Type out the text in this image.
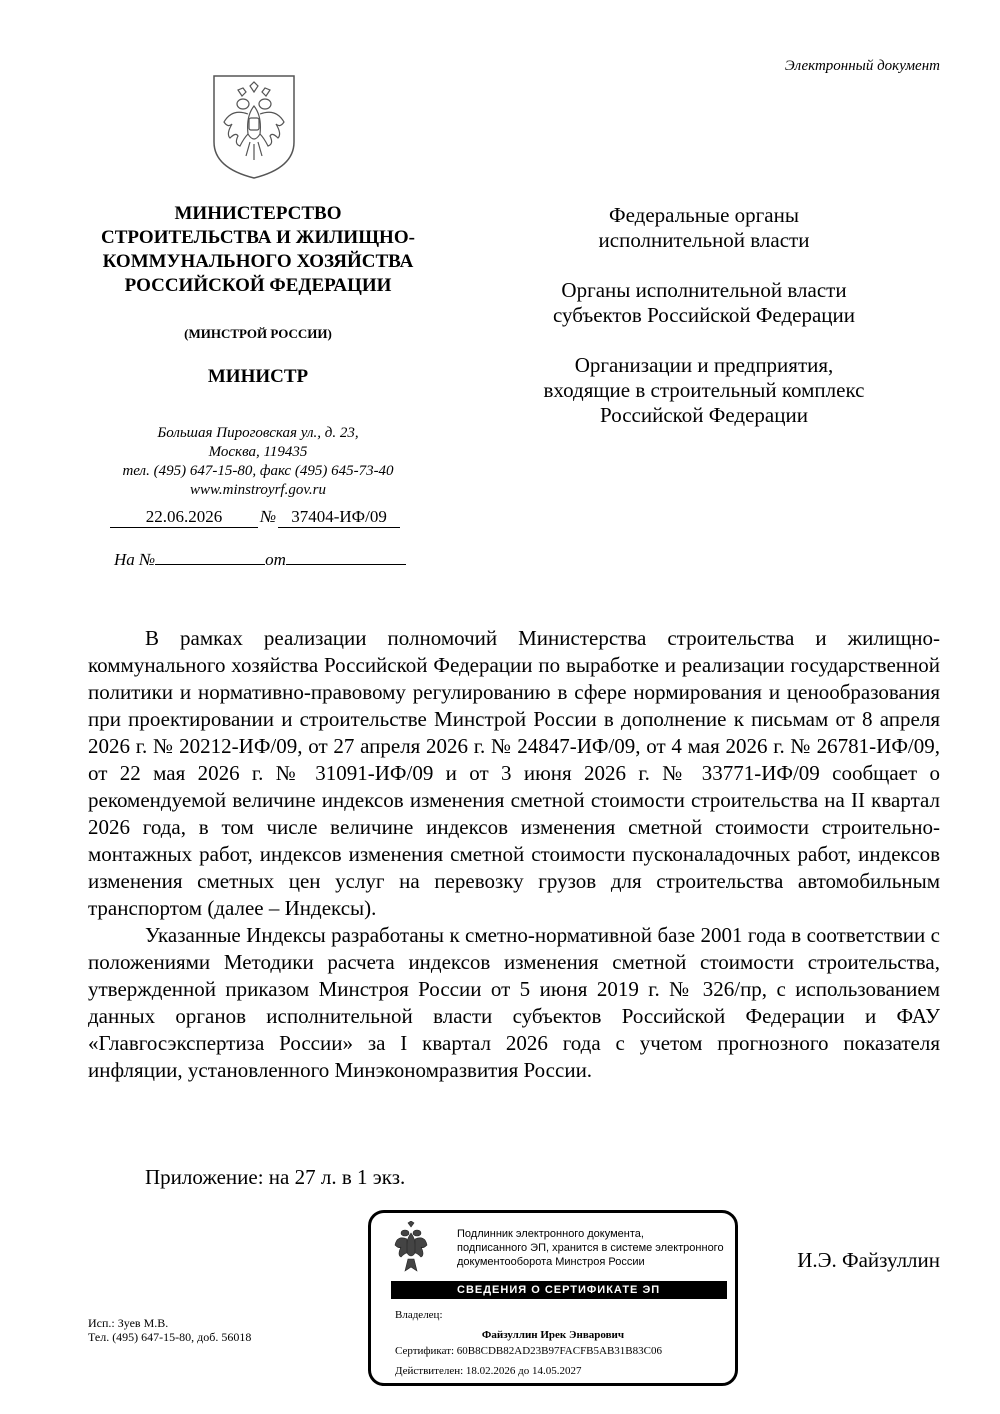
Электронный документ
МИНИСТЕРСТВО
СТРОИТЕЛЬСТВА И ЖИЛИЩНО-
КОММУНАЛЬНОГО ХОЗЯЙСТВА
РОССИЙСКОЙ ФЕДЕРАЦИИ
(МИНСТРОЙ РОССИИ)
МИНИСТР
Большая Пироговская ул., д. 23,
Москва, 119435
тел. (495) 647-15-80, факс (495) 645-73-40
www.minstroyrf.gov.ru
22.06.2026 № 37404-ИФ/09
На №	от
Федеральные органы
исполнительной власти
Органы исполнительной власти
субъектов Российской Федерации
Организации и предприятия,
входящие в строительный комплекс
Российской Федерации

В рамках реализации полномочий Министерства строительства и жилищно-коммунального хозяйства Российской Федерации по выработке и реализации государственной политики и нормативно-правовому регулированию в сфере нормирования и ценообразования при проектировании и строительстве Минстрой России в дополнение к письмам от 8 апреля 2026 г. № 20212-ИФ/09, от 27 апреля 2026 г. № 24847-ИФ/09, от 4 мая 2026 г. № 26781-ИФ/09, от 22 мая 2026 г. № 31091-ИФ/09 и от 3 июня 2026 г. № 33771-ИФ/09 сообщает о рекомендуемой величине индексов изменения сметной стоимости строительства на II квартал 2026 года, в том числе величине индексов изменения сметной стоимости строительно-монтажных работ, индексов изменения сметной стоимости пусконаладочных работ, индексов изменения сметных цен услуг на перевозку грузов для строительства автомобильным транспортом (далее – Индексы).

Указанные Индексы разработаны к сметно-нормативной базе 2001 года в соответствии с положениями Методики расчета индексов изменения сметной стоимости строительства, утвержденной приказом Минстроя России от 5 июня 2019 г. № 326/пр, с использованием данных органов исполнительной власти субъектов Российской Федерации и ФАУ «Главгосэкспертиза России» за I квартал 2026 года с учетом прогнозного показателя инфляции, установленного Минэкономразвития России.

Приложение: на 27 л. в 1 экз.
Подлинник электронного документа,
подписанного ЭП, хранится в системе электронного
документооборота Минстроя России
СВЕДЕНИЯ О СЕРТИФИКАТЕ ЭП
Владелец:
Файзуллин Ирек Энварович
Сертификат: 60B8CDB82AD23B97FACFB5AB31B83C06
Действителен: 18.02.2026 до 14.05.2027
И.Э. Файзуллин
Исп.: Зуев М.В.
Тел. (495) 647-15-80, доб. 56018
